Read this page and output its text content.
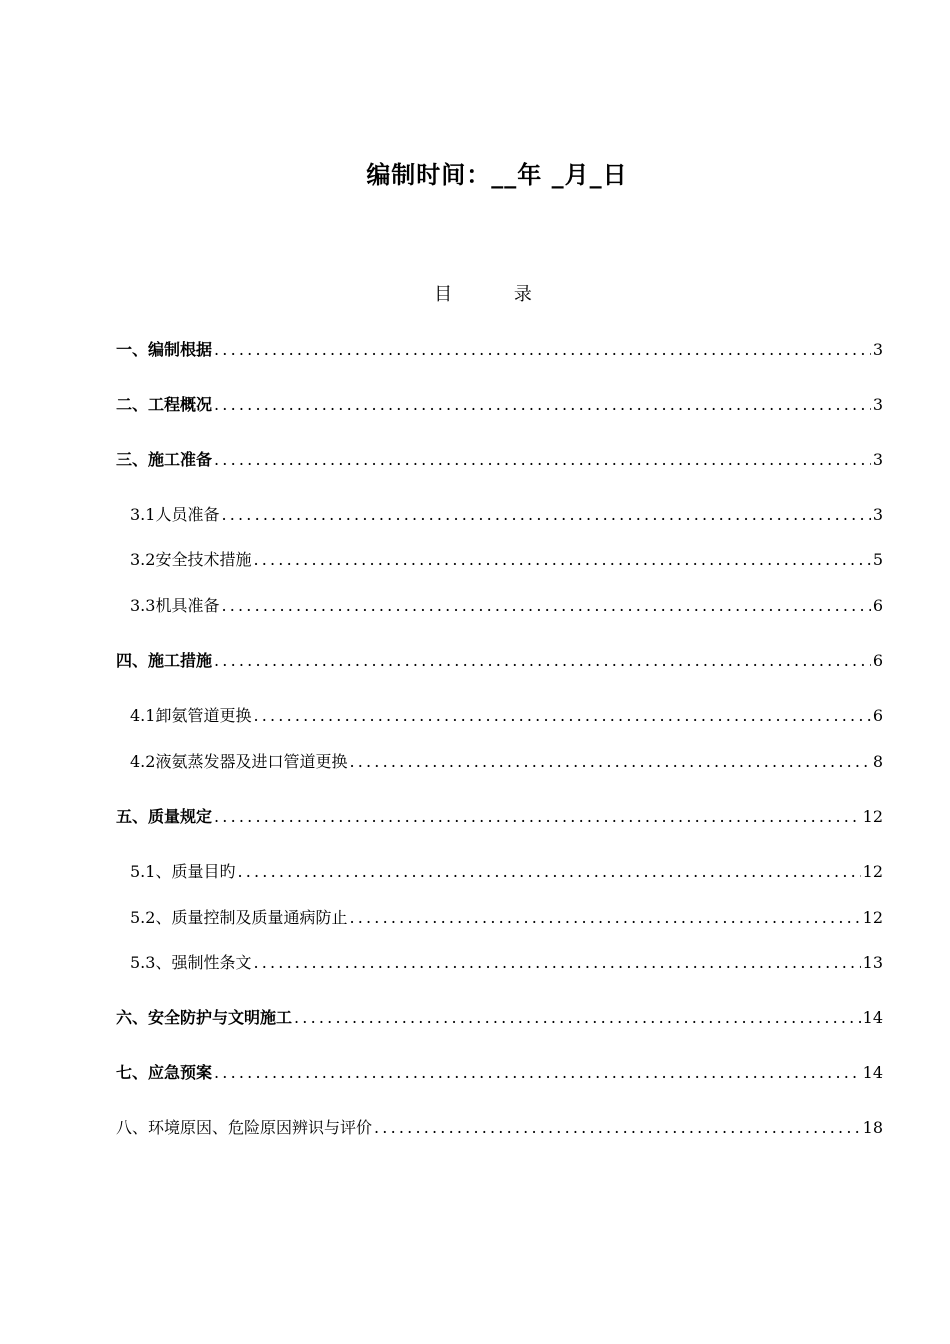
编制时间：__年 _月_日
目 录
一、编制根据 .....	3
二、工程概况 .....	3
三、施工准备 .....	3
3.1人员准备 .....	3
3.2安全技术措施 .....	5
3.3机具准备 .....	6
四、施工措施 .....	6
4.1卸氨管道更换 .....	6
4.2液氨蒸发器及进口管道更换 .....	8
五、质量规定 .....	12
5.1、质量目旳 .....	12
5.2、质量控制及质量通病防止 .....	12
5.3、强制性条文 .....	13
六、安全防护与文明施工 .....	14
七、应急预案 .....	14
八、环境原因、危险原因辨识与评价 .....	18
